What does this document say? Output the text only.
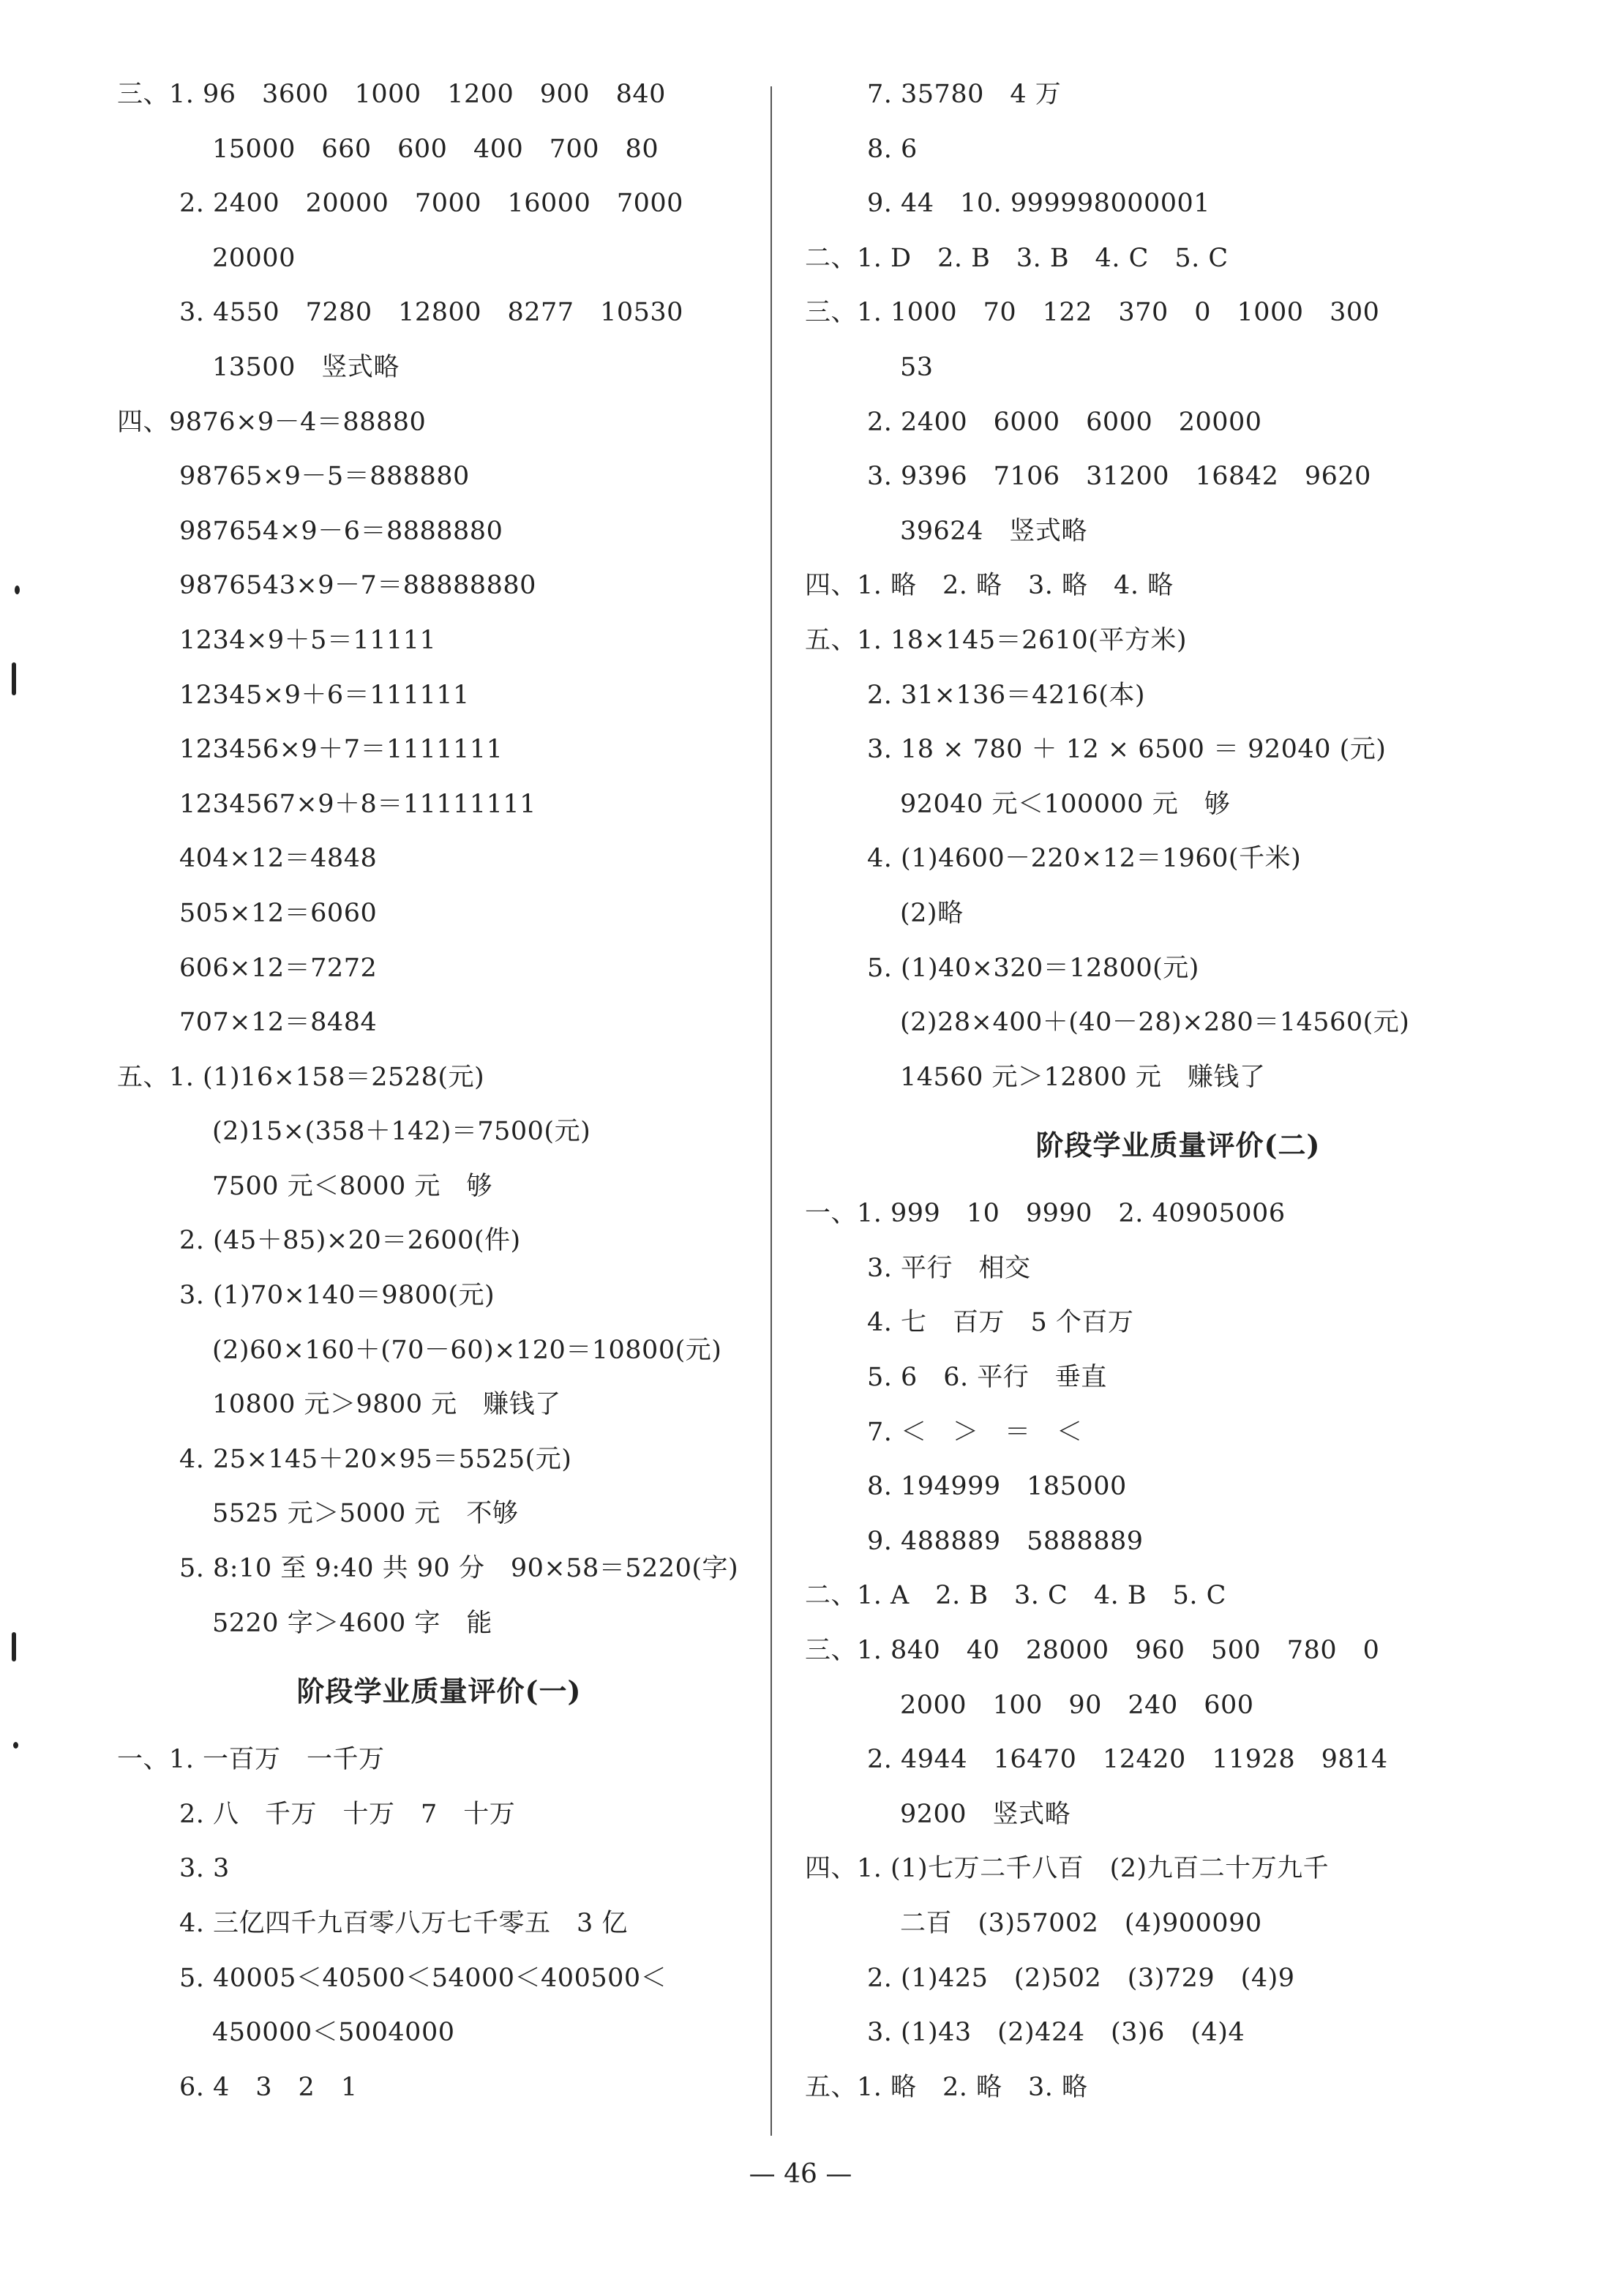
三、1. 96　3600　1000　1200　900　840
15000　660　600　400　700　80
2. 2400　20000　7000　16000　7000
20000
3. 4550　7280　12800　8277　10530
13500　竖式略
四、9876×9－4＝88880
98765×9－5＝888880
987654×9－6＝8888880
9876543×9－7＝88888880
1234×9＋5＝11111
12345×9＋6＝111111
123456×9＋7＝1111111
1234567×9＋8＝11111111
404×12＝4848
505×12＝6060
606×12＝7272
707×12＝8484
五、1. (1)16×158＝2528(元)
(2)15×(358＋142)＝7500(元)
7500 元＜8000 元　够
2. (45＋85)×20＝2600(件)
3. (1)70×140＝9800(元)
(2)60×160＋(70－60)×120＝10800(元)
10800 元＞9800 元　赚钱了
4. 25×145＋20×95＝5525(元)
5525 元＞5000 元　不够
5. 8:10 至 9:40 共 90 分　90×58＝5220(字)
5220 字＞4600 字　能
阶段学业质量评价(一)
一、1. 一百万　一千万
2. 八　千万　十万　7　十万
3. 3
4. 三亿四千九百零八万七千零五　3 亿
5. 40005＜40500＜54000＜400500＜
450000＜5004000
6. 4　3　2　1
7. 35780　4 万
8. 6
9. 44　10. 999998000001
二、1. D　2. B　3. B　4. C　5. C
三、1. 1000　70　122　370　0　1000　300
53
2. 2400　6000　6000　20000
3. 9396　7106　31200　16842　9620
39624　竖式略
四、1. 略　2. 略　3. 略　4. 略
五、1. 18×145＝2610(平方米)
2. 31×136＝4216(本)
3. 18 × 780 ＋ 12 × 6500 ＝ 92040 (元)
92040 元＜100000 元　够
4. (1)4600－220×12＝1960(千米)
(2)略
5. (1)40×320＝12800(元)
(2)28×400＋(40－28)×280＝14560(元)
14560 元＞12800 元　赚钱了
阶段学业质量评价(二)
一、1. 999　10　9990　2. 40905006
3. 平行　相交
4. 七　百万　5 个百万
5. 6　6. 平行　垂直
7. ＜　＞　＝　＜
8. 194999　185000
9. 488889　5888889
二、1. A　2. B　3. C　4. B　5. C
三、1. 840　40　28000　960　500　780　0
2000　100　90　240　600
2. 4944　16470　12420　11928　9814
9200　竖式略
四、1. (1)七万二千八百　(2)九百二十万九千
二百　(3)57002　(4)900090
2. (1)425　(2)502　(3)729　(4)9
3. (1)43　(2)424　(3)6　(4)4
五、1. 略　2. 略　3. 略
— 46 —
